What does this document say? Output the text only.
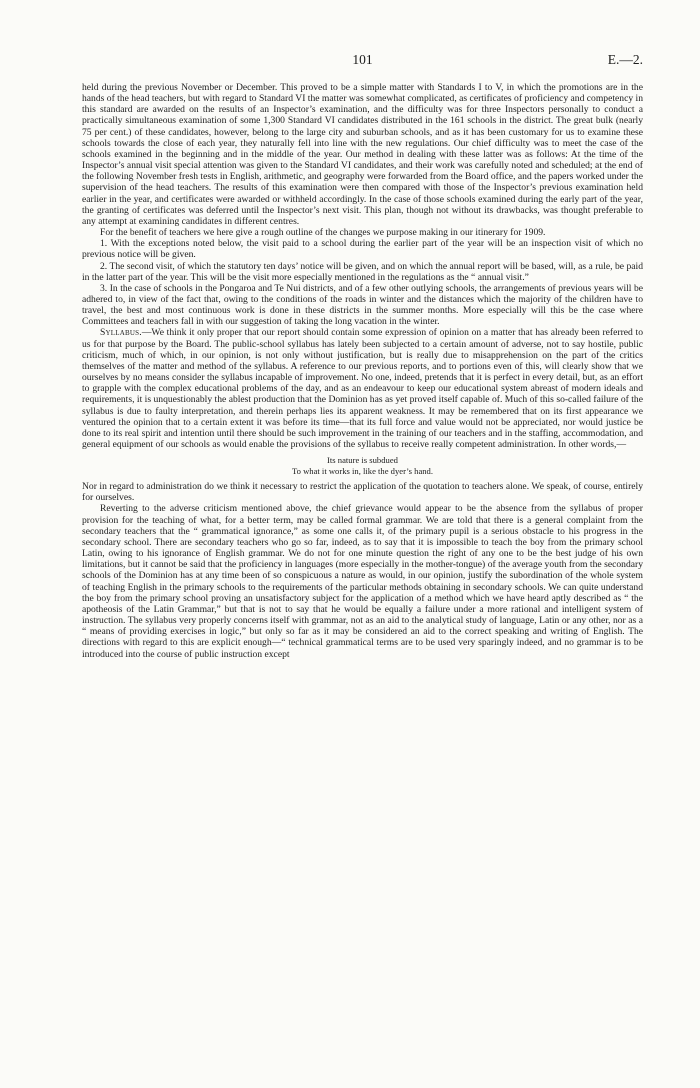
101	E.—2.

held during the previous November or December. This proved to be a simple matter with Standards I to V, in which the promotions are in the hands of the head teachers, but with regard to Standard VI the matter was somewhat complicated, as certificates of proficiency and competency in this standard are awarded on the results of an Inspector’s examination, and the difficulty was for three Inspectors personally to conduct a practically simultaneous examination of some 1,300 Standard VI candidates distributed in the 161 schools in the district. The great bulk (nearly 75 per cent.) of these candidates, however, belong to the large city and suburban schools, and as it has been customary for us to examine these schools towards the close of each year, they naturally fell into line with the new regulations. Our chief difficulty was to meet the case of the schools examined in the beginning and in the middle of the year. Our method in dealing with these latter was as follows: At the time of the Inspector’s annual visit special attention was given to the Standard VI candidates, and their work was carefully noted and scheduled; at the end of the following November fresh tests in English, arithmetic, and geography were forwarded from the Board office, and the papers worked under the supervision of the head teachers. The results of this examination were then compared with those of the Inspector’s previous examination held earlier in the year, and certificates were awarded or withheld accordingly. In the case of those schools examined during the early part of the year, the granting of certificates was deferred until the Inspector’s next visit. This plan, though not without its drawbacks, was thought preferable to any attempt at examining candidates in different centres.

For the benefit of teachers we here give a rough outline of the changes we purpose making in our itinerary for 1909.

1. With the exceptions noted below, the visit paid to a school during the earlier part of the year will be an inspection visit of which no previous notice will be given.

2. The second visit, of which the statutory ten days’ notice will be given, and on which the annual report will be based, will, as a rule, be paid in the latter part of the year. This will be the visit more especially mentioned in the regulations as the “ annual visit.”

3. In the case of schools in the Pongaroa and Te Nui districts, and of a few other outlying schools, the arrangements of previous years will be adhered to, in view of the fact that, owing to the conditions of the roads in winter and the distances which the majority of the children have to travel, the best and most continuous work is done in these districts in the summer months. More especially will this be the case where Committees and teachers fall in with our suggestion of taking the long vacation in the winter.

Syllabus.—We think it only proper that our report should contain some expression of opinion on a matter that has already been referred to us for that purpose by the Board. The public-school syllabus has lately been subjected to a certain amount of adverse, not to say hostile, public criticism, much of which, in our opinion, is not only without justification, but is really due to misapprehension on the part of the critics themselves of the matter and method of the syllabus. A reference to our previous reports, and to portions even of this, will clearly show that we ourselves by no means consider the syllabus incapable of improvement. No one, indeed, pretends that it is perfect in every detail, but, as an effort to grapple with the complex educational problems of the day, and as an endeavour to keep our educational system abreast of modern ideals and requirements, it is unquestionably the ablest production that the Dominion has as yet proved itself capable of. Much of this so-called failure of the syllabus is due to faulty interpretation, and therein perhaps lies its apparent weakness. It may be remembered that on its first appearance we ventured the opinion that to a certain extent it was before its time—that its full force and value would not be appreciated, nor would justice be done to its real spirit and intention until there should be such improvement in the training of our teachers and in the staffing, accommodation, and general equipment of our schools as would enable the provisions of the syllabus to receive really competent administration. In other words,—

Its nature is subdued
To what it works in, like the dyer’s hand.

Nor in regard to administration do we think it necessary to restrict the application of the quotation to teachers alone. We speak, of course, entirely for ourselves.

Reverting to the adverse criticism mentioned above, the chief grievance would appear to be the absence from the syllabus of proper provision for the teaching of what, for a better term, may be called formal grammar. We are told that there is a general complaint from the secondary teachers that the “ grammatical ignorance,” as some one calls it, of the primary pupil is a serious obstacle to his progress in the secondary school. There are secondary teachers who go so far, indeed, as to say that it is impossible to teach the boy from the primary school Latin, owing to his ignorance of English grammar. We do not for one minute question the right of any one to be the best judge of his own limitations, but it cannot be said that the proficiency in languages (more especially in the mother-tongue) of the average youth from the secondary schools of the Dominion has at any time been of so conspicuous a nature as would, in our opinion, justify the subordination of the whole system of teaching English in the primary schools to the requirements of the particular methods obtaining in secondary schools. We can quite understand the boy from the primary school proving an unsatisfactory subject for the application of a method which we have heard aptly described as “ the apotheosis of the Latin Grammar,” but that is not to say that he would be equally a failure under a more rational and intelligent system of instruction. The syllabus very properly concerns itself with grammar, not as an aid to the analytical study of language, Latin or any other, nor as a “ means of providing exercises in logic,” but only so far as it may be considered an aid to the correct speaking and writing of English. The directions with regard to this are explicit enough—“ technical grammatical terms are to be used very sparingly indeed, and no grammar is to be introduced into the course of public instruction except
